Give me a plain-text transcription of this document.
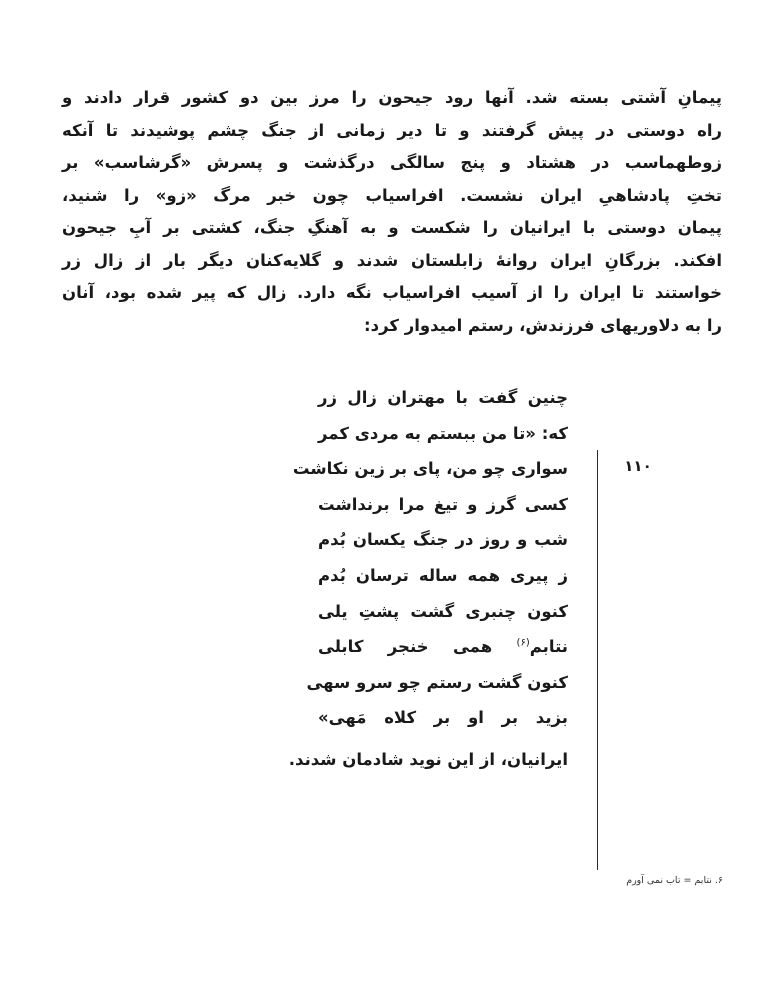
پیمانِ آشتی بسته شد. آنها رود جیحون را مرز بین دو کشور قرار دادند و
راه دوستی در پیش گرفتند و تا دیر زمانی از جنگ چشم پوشیدند تا آنکه
زوطهماسب در هشتاد و پنج سالگی درگذشت و پسرش «گرشاسب» بر
تختِ پادشاهیِ ایران نشست. افراسیاب چون خبر مرگ «زو» را شنید،
پیمان دوستی با ایرانیان را شکست و به آهنگِ جنگ، کشتی بر آبِ جیحون
افکند. بزرگانِ ایران روانهٔ زابلستان شدند و گلایه‌کنان دیگر بار از زال زر
خواستند تا ایران را از آسیب افراسیاب نگه دارد. زال که پیر شده بود، آنان
را به دلاوریهای فرزندش، رستم امیدوار کرد:
چنین گفت با مهتران زال زر
که: «تا من ببستم به مردی کمر
سواری چو من، پای بر زین نکاشت
کسی گرز و تیغ مرا برنداشت
شب و روز در جنگ یکسان بُدم
ز پیری همه ساله ترسان بُدم
کنون چنبری گشت پشتِ یلی
نتابم$^{(۶)}$ همی خنجر کابلی
کنون گشت رستم چو سرو سهی
بزید بر او بر کلاه مَهی»
ایرانیان، از این نوید شادمان شدند.
۱۱۰
۶. نتابم = تاب نمی آورم
